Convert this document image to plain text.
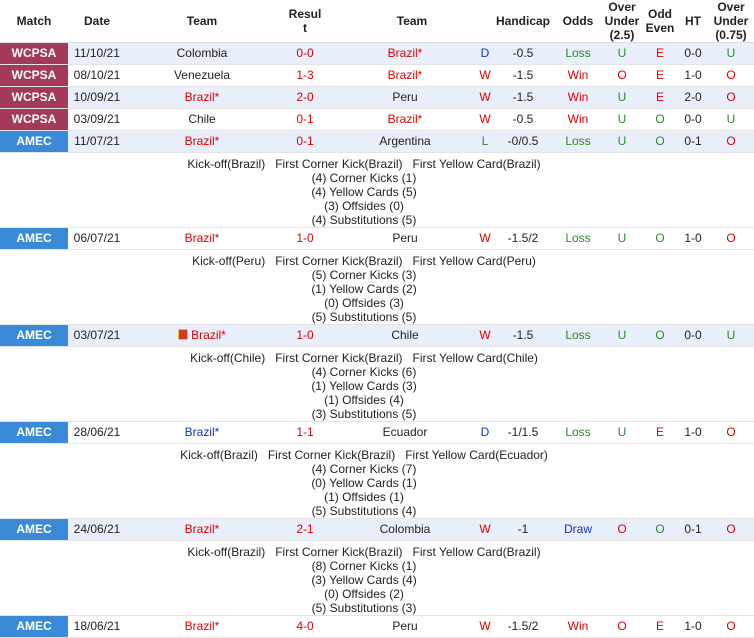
Match	Date	Team	Resul
t	Team		Handicap	Odds	Over
Under
(2.5)	Odd
Even	HT	Over
Under
(0.75)
WCPSA	11/10/21	Colombia	0-0	Brazil*	D	-0.5	Loss	U	E	0-0	U
WCPSA	08/10/21	Venezuela	1-3	Brazil*	W	-1.5	Win	O	E	1-0	O
WCPSA	10/09/21	Brazil*	2-0	Peru	W	-1.5	Win	U	E	2-0	O
WCPSA	03/09/21	Chile	0-1	Brazil*	W	-0.5	Win	U	O	0-0	U
AMEC	11/07/21	Brazil*	0-1	Argentina	L	-0/0.5	Loss	U	O	0-1	O

Kick-off(Brazil)   First Corner Kick(Brazil)   First Yellow Card(Brazil)
(4) Corner Kicks (1)
(4) Yellow Cards (5)
(3) Offsides (0)
(4) Substitutions (5)											

AMEC	06/07/21	Brazil*	1-0	Peru	W	-1.5/2	Loss	U	O	1-0	O

Kick-off(Peru)   First Corner Kick(Brazil)   First Yellow Card(Peru)
(5) Corner Kicks (3)
(1) Yellow Cards (2)
(0) Offsides (3)
(5) Substitutions (5)											

AMEC	03/07/21	Brazil*	1-0	Chile	W	-1.5	Loss	U	O	0-0	U

Kick-off(Chile)   First Corner Kick(Brazil)   First Yellow Card(Chile)
(4) Corner Kicks (6)
(1) Yellow Cards (3)
(1) Offsides (4)
(3) Substitutions (5)											

AMEC	28/06/21	Brazil*	1-1	Ecuador	D	-1/1.5	Loss	U	E	1-0	O

Kick-off(Brazil)   First Corner Kick(Brazil)   First Yellow Card(Ecuador)
(4) Corner Kicks (7)
(0) Yellow Cards (1)
(1) Offsides (1)
(5) Substitutions (4)											

AMEC	24/06/21	Brazil*	2-1	Colombia	W	-1	Draw	O	O	0-1	O

Kick-off(Brazil)   First Corner Kick(Brazil)   First Yellow Card(Brazil)
(8) Corner Kicks (1)
(3) Yellow Cards (4)
(0) Offsides (2)
(5) Substitutions (3)											

AMEC	18/06/21	Brazil*	4-0	Peru	W	-1.5/2	Win	O	E	1-0	O
